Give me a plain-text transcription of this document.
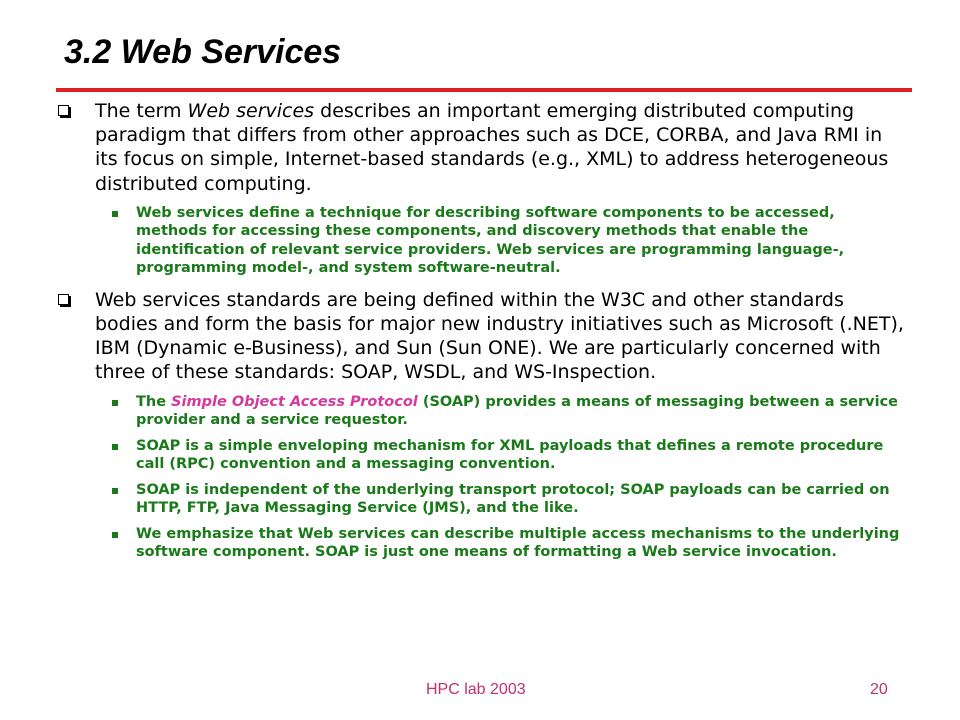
3.2 Web Services
The term Web services describes an important emerging distributed computing paradigm that differs from other approaches such as DCE, CORBA, and Java RMI in its focus on simple, Internet-based standards (e.g., XML) to address heterogeneous distributed computing.
Web services define a technique for describing software components to be accessed, methods for accessing these components, and discovery methods that enable the identification of relevant service providers. Web services are programming language-, programming model-, and system software-neutral.
Web services standards are being defined within the W3C and other standards bodies and form the basis for major new industry initiatives such as Microsoft (.NET), IBM (Dynamic e-Business), and Sun (Sun ONE). We are particularly concerned with three of these standards: SOAP, WSDL, and WS-Inspection.
The Simple Object Access Protocol (SOAP) provides a means of messaging between a service provider and a service requestor.
SOAP is a simple enveloping mechanism for XML payloads that defines a remote procedure call (RPC) convention and a messaging convention.
SOAP is independent of the underlying transport protocol; SOAP payloads can be carried on HTTP, FTP, Java Messaging Service (JMS), and the like.
We emphasize that Web services can describe multiple access mechanisms to the underlying software component. SOAP is just one means of formatting a Web service invocation.
HPC lab 2003	20
